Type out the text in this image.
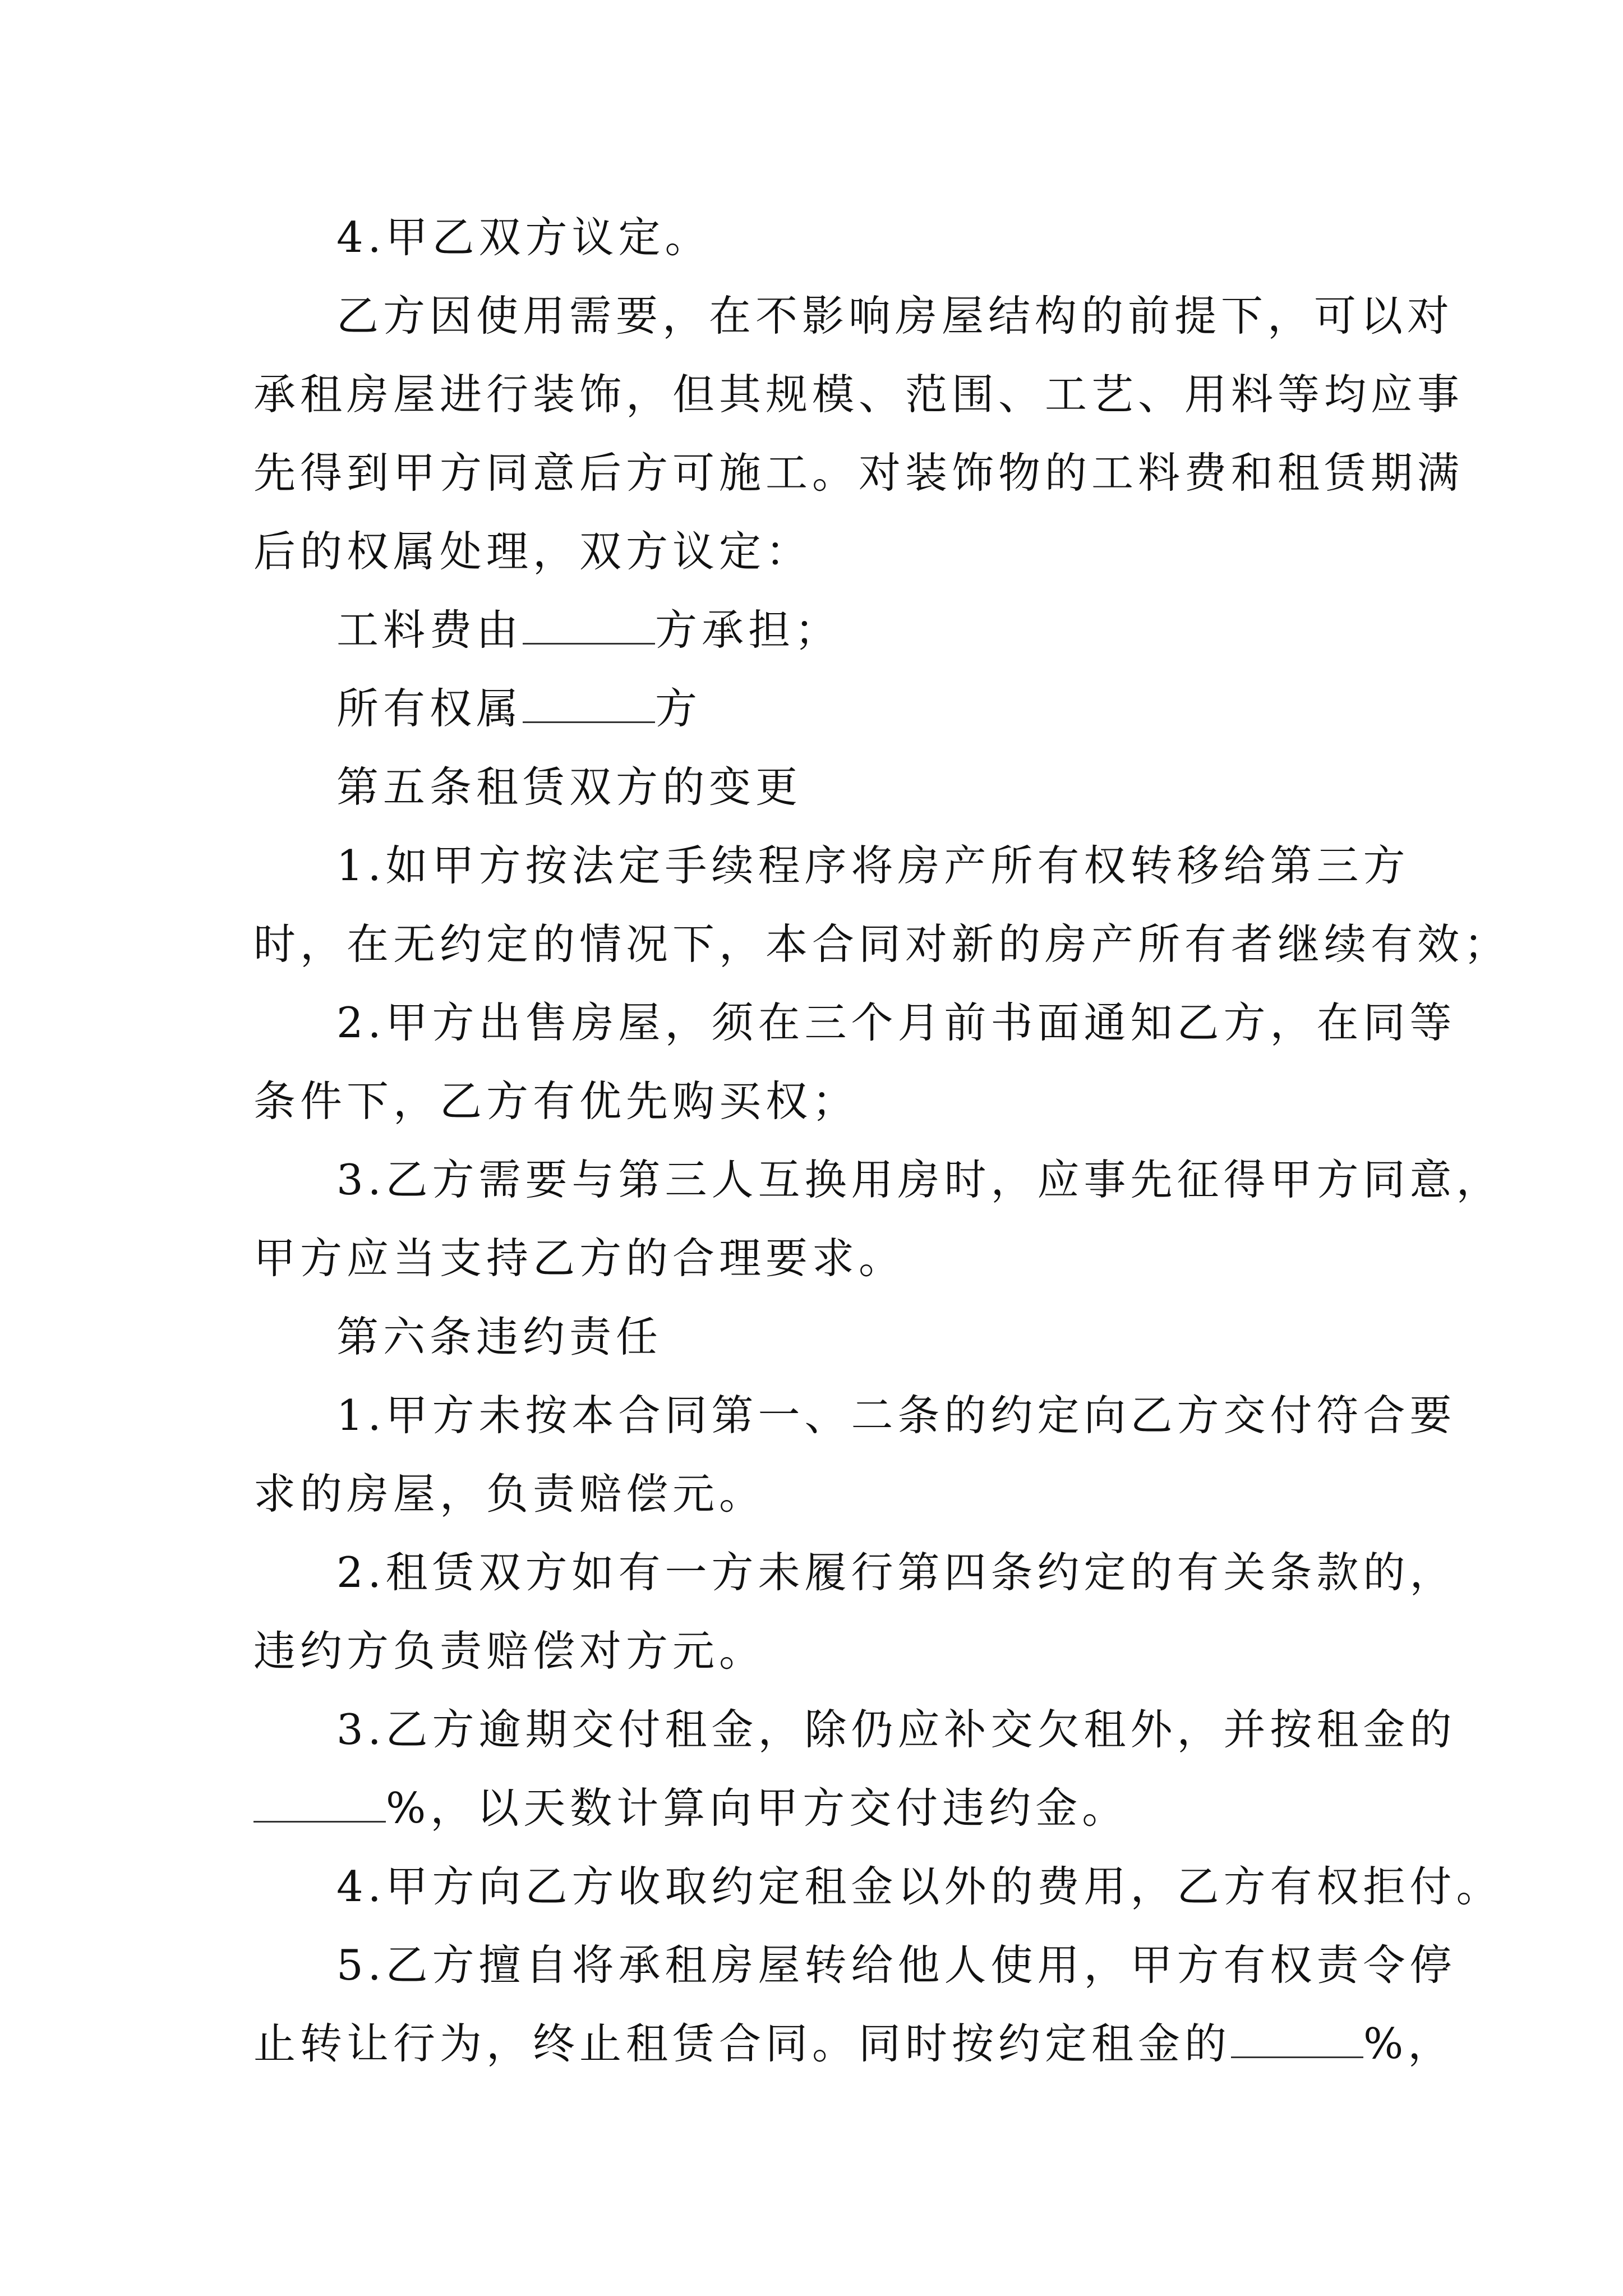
4.甲乙双方议定。
乙方因使用需要，在不影响房屋结构的前提下，可以对
承租房屋进行装饰，但其规模、范围、工艺、用料等均应事
先得到甲方同意后方可施工。对装饰物的工料费和租赁期满
后的权属处理，双方议定：
工料费由	方承担；
所有权属	方
第五条租赁双方的变更
1.如甲方按法定手续程序将房产所有权转移给第三方
时，在无约定的情况下，本合同对新的房产所有者继续有效；
2.甲方出售房屋，须在三个月前书面通知乙方，在同等
条件下，乙方有优先购买权；
3.乙方需要与第三人互换用房时，应事先征得甲方同意，
甲方应当支持乙方的合理要求。
第六条违约责任
1.甲方未按本合同第一、二条的约定向乙方交付符合要
求的房屋，负责赔偿元。
2.租赁双方如有一方未履行第四条约定的有关条款的，
违约方负责赔偿对方元。
3.乙方逾期交付租金，除仍应补交欠租外，并按租金的
%，以天数计算向甲方交付违约金。
4.甲方向乙方收取约定租金以外的费用，乙方有权拒付。
5.乙方擅自将承租房屋转给他人使用，甲方有权责令停
止转让行为，终止租赁合同。同时按约定租金的	%，
